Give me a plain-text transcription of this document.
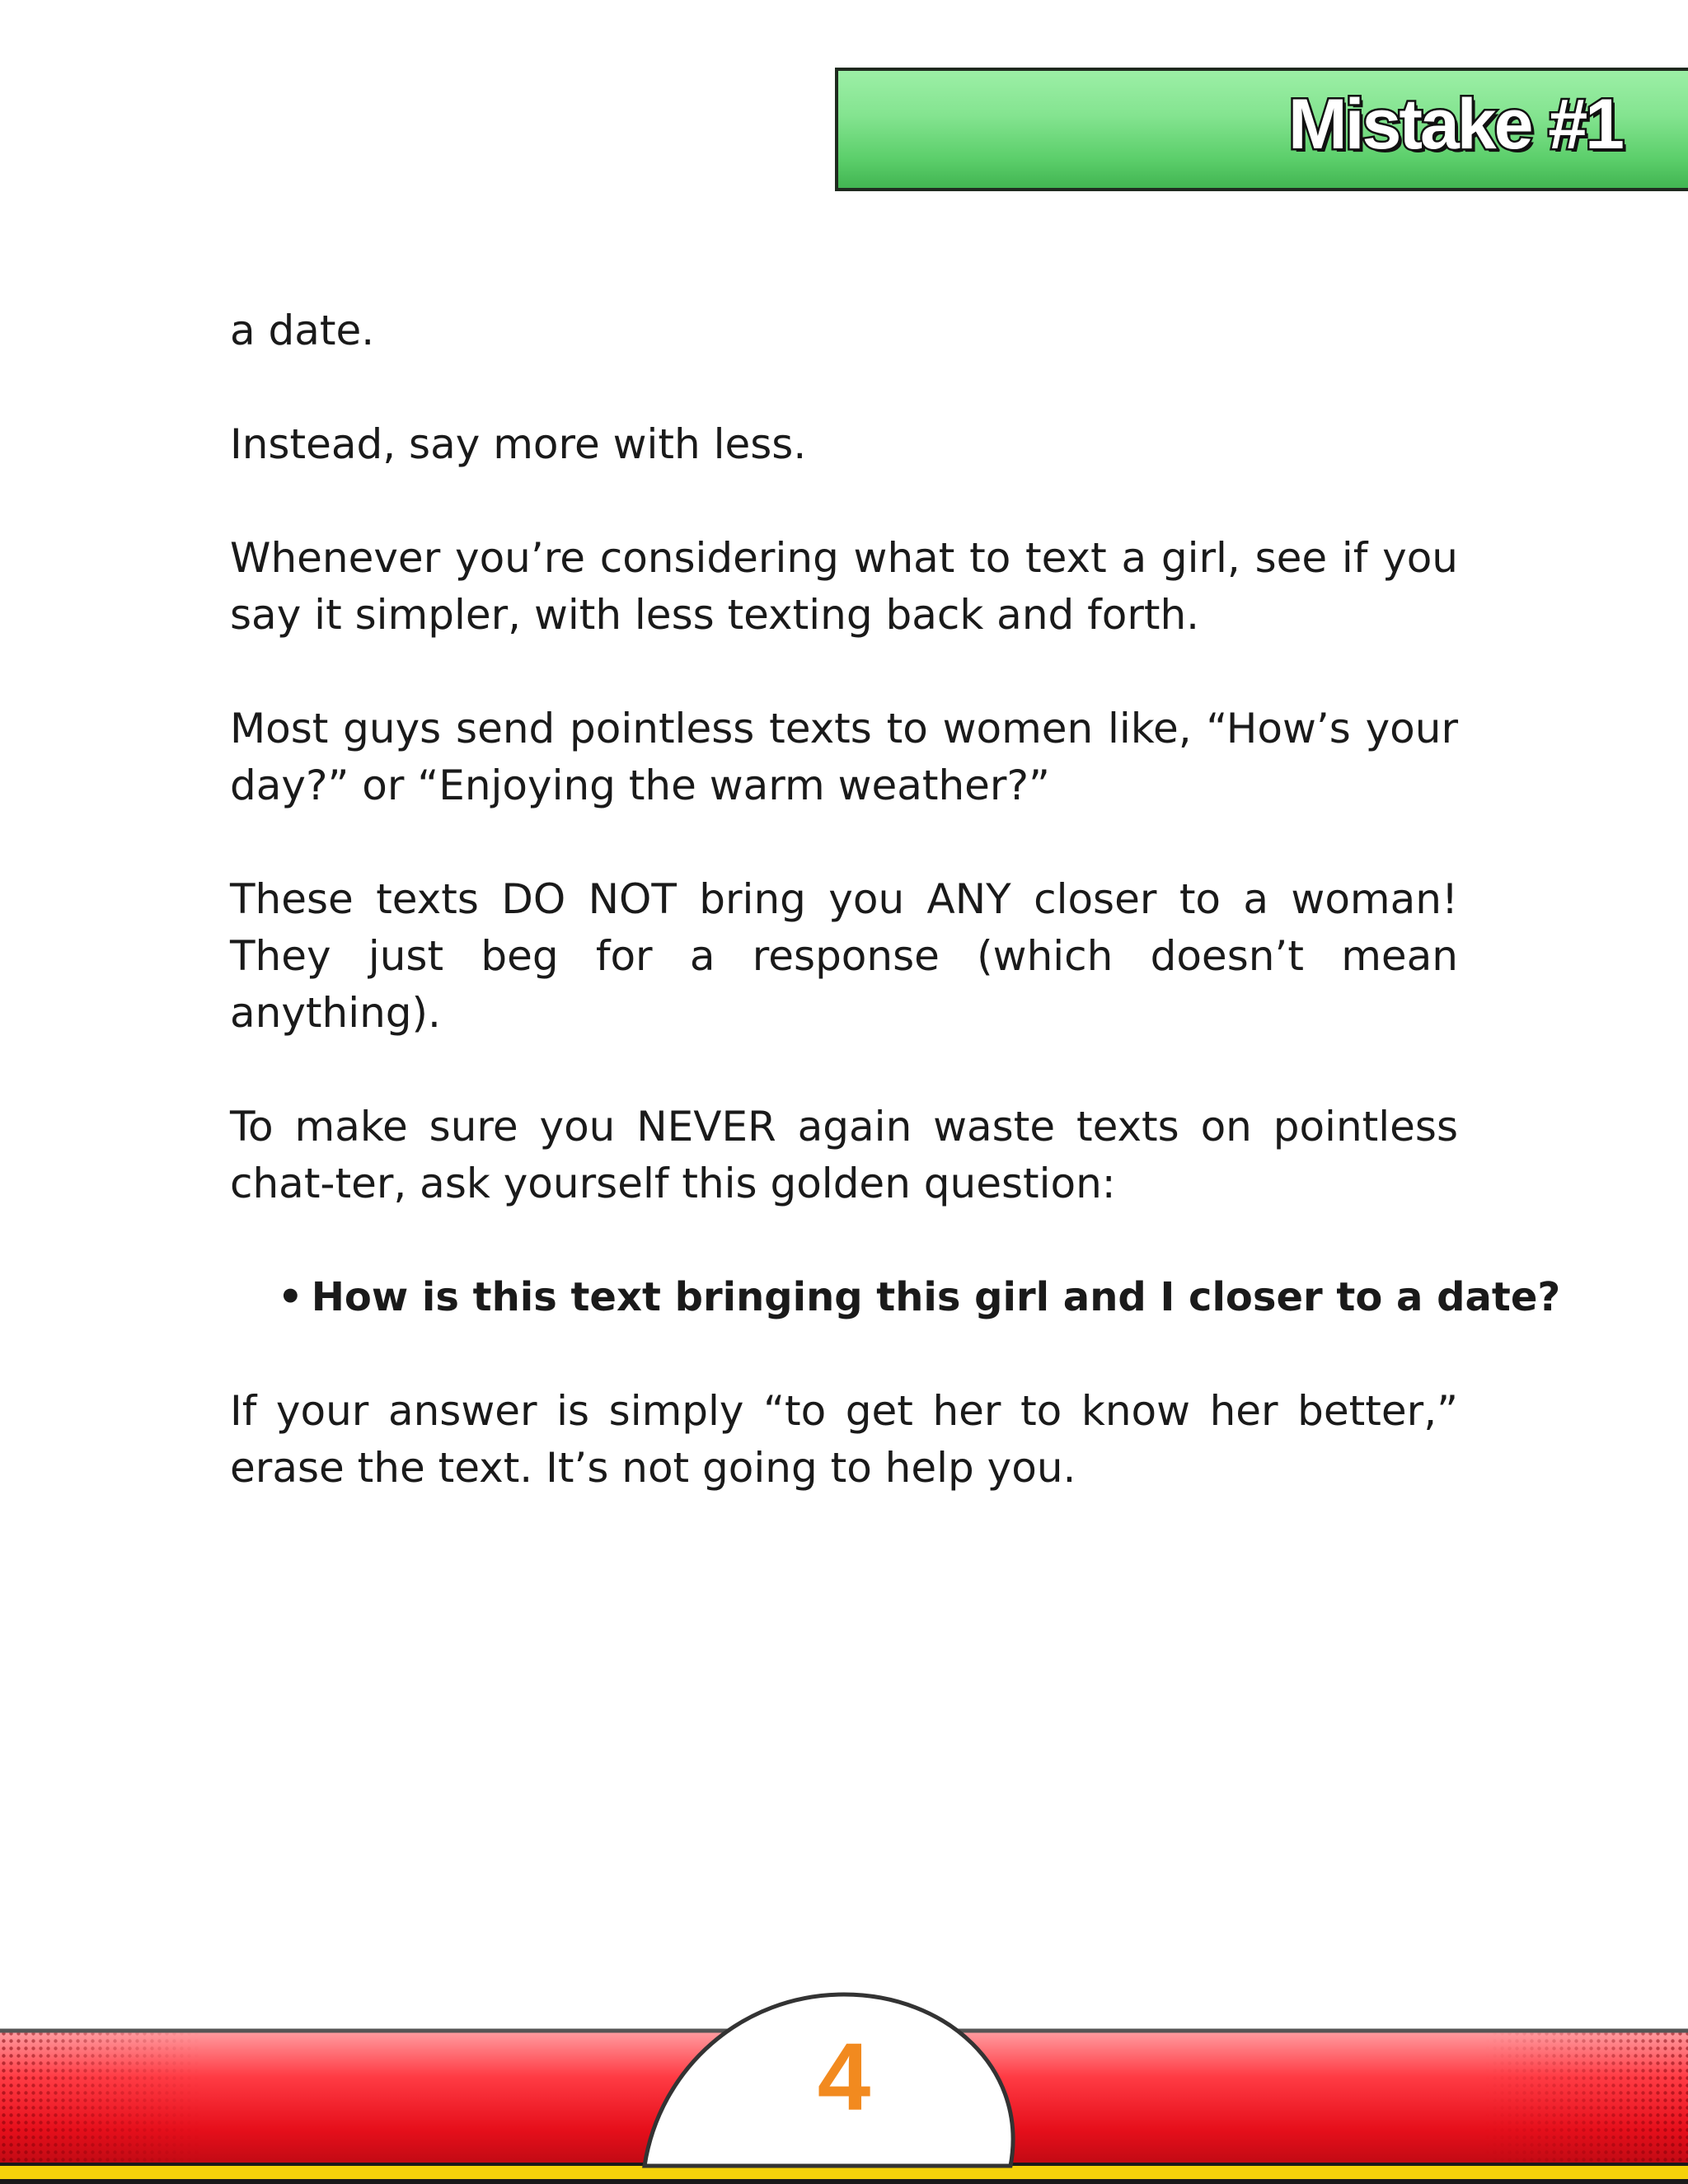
Mistake #1

a date.

Instead, say more with less.

Whenever you’re considering what to text a girl, see if you say it simpler, with less texting back and forth.

Most guys send pointless texts to women like, “How’s your day?” or “Enjoying the warm weather?”

These texts DO NOT bring you ANY closer to a woman! They just beg for a response (which doesn’t mean anything).

To make sure you NEVER again waste texts on pointless chat-ter, ask yourself this golden question:

• How is this text bringing this girl and I closer to a date?

If your answer is simply “to get her to know her better,” erase the text. It’s not going to help you.

4
